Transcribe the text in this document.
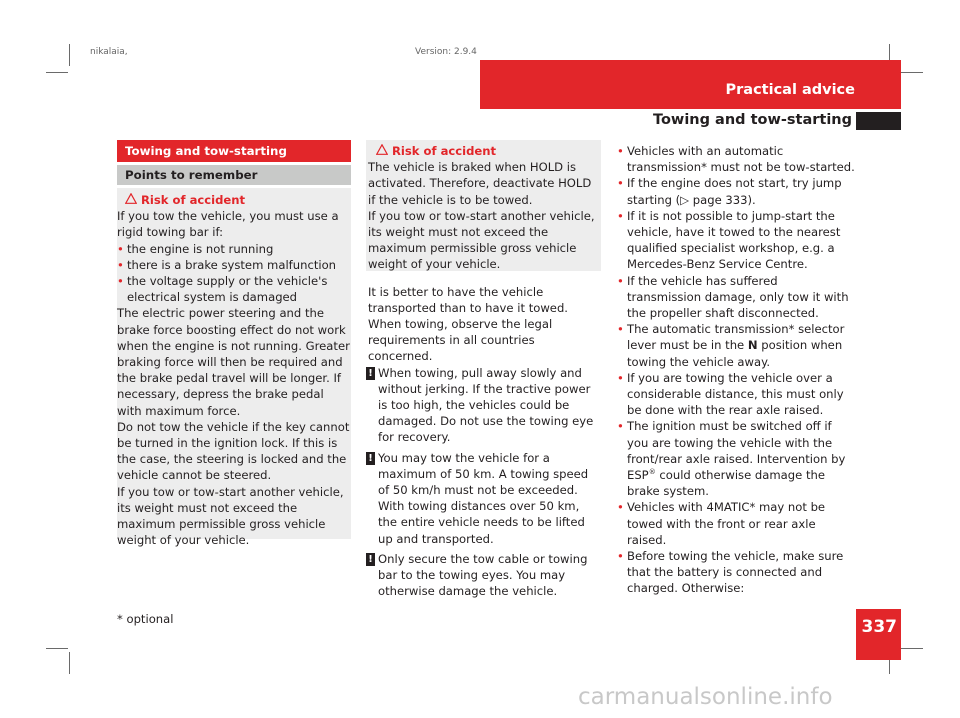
nikalaia,	Version: 2.9.4
Practical advice
Towing and tow-starting
Towing and tow-starting
Points to remember

Risk of accident

If you tow the vehicle, you must use a rigid towing bar if:

• the engine is not running

• there is a brake system malfunction

• the voltage supply or the vehicle's electrical system is damaged

The electric power steering and the brake force boosting effect do not work when the engine is not running. Greater braking force will then be required and the brake pedal travel will be longer. If necessary, depress the brake pedal with maximum force.

Do not tow the vehicle if the key cannot be turned in the ignition lock. If this is the case, the steering is locked and the vehicle cannot be steered.

If you tow or tow-start another vehicle, its weight must not exceed the maximum permissible gross vehicle weight of your vehicle.

Risk of accident

The vehicle is braked when HOLD is activated. Therefore, deactivate HOLD if the vehicle is to be towed.

If you tow or tow-start another vehicle, its weight must not exceed the maximum permissible gross vehicle weight of your vehicle.

It is better to have the vehicle transported than to have it towed.

When towing, observe the legal requirements in all countries concerned.

! When towing, pull away slowly and without jerking. If the tractive power is too high, the vehicles could be damaged. Do not use the towing eye for recovery.

! You may tow the vehicle for a maximum of 50 km. A towing speed of 50 km/h must not be exceeded.

With towing distances over 50 km, the entire vehicle needs to be lifted up and transported.

! Only secure the tow cable or towing bar to the towing eyes. You may otherwise damage the vehicle.

• Vehicles with an automatic transmission* must not be tow-started.

• If the engine does not start, try jump starting (▷ page 333).

• If it is not possible to jump-start the vehicle, have it towed to the nearest qualified specialist workshop, e.g. a Mercedes-Benz Service Centre.

• If the vehicle has suffered transmission damage, only tow it with the propeller shaft disconnected.

• The automatic transmission* selector lever must be in the N position when towing the vehicle away.

• If you are towing the vehicle over a considerable distance, this must only be done with the rear axle raised.

• The ignition must be switched off if you are towing the vehicle with the front/rear axle raised. Intervention by ESP® could otherwise damage the brake system.

• Vehicles with 4MATIC* may not be towed with the front or rear axle raised.

• Before towing the vehicle, make sure that the battery is connected and charged. Otherwise:

* optional	337
carmanualsonline.info
